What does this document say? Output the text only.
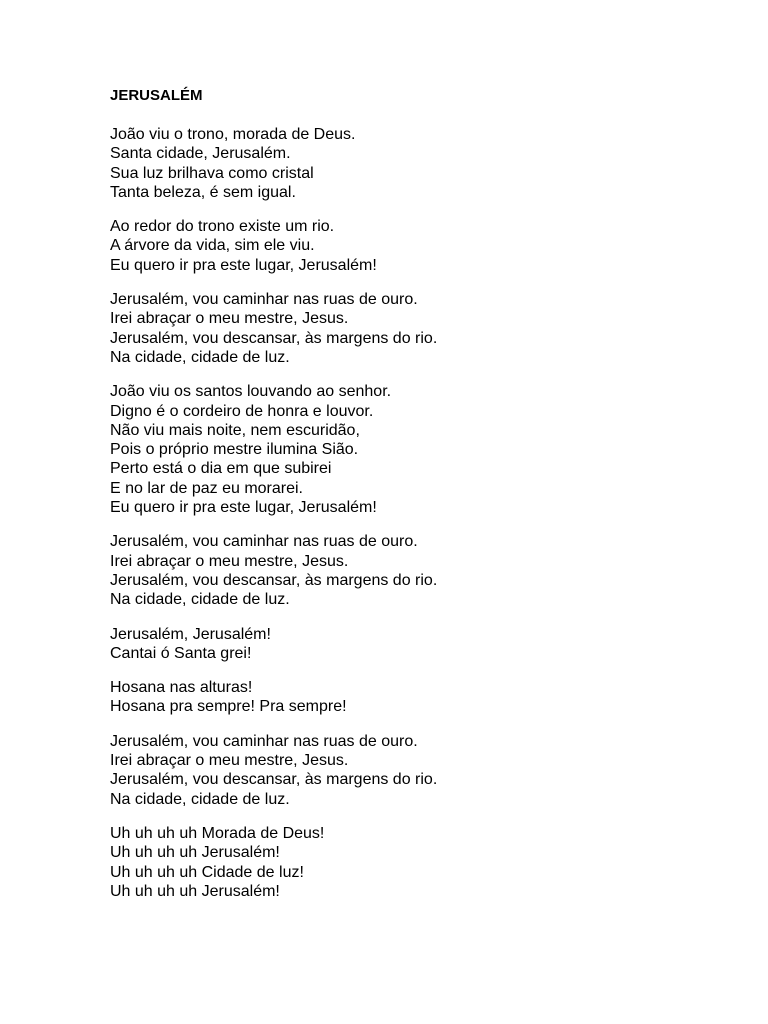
JERUSALÉM
João viu o trono, morada de Deus.
Santa cidade, Jerusalém.
Sua luz brilhava como cristal
Tanta beleza, é sem igual.
Ao redor do trono existe um rio.
A árvore da vida, sim ele viu.
Eu quero ir pra este lugar, Jerusalém!
Jerusalém, vou caminhar nas ruas de ouro.
Irei abraçar o meu mestre, Jesus.
Jerusalém, vou descansar, às margens do rio.
Na cidade, cidade de luz.
João viu os santos louvando ao senhor.
Digno é o cordeiro de honra e louvor.
Não viu mais noite, nem escuridão,
Pois o próprio mestre ilumina Sião.
Perto está o dia em que subirei
E no lar de paz eu morarei.
Eu quero ir pra este lugar, Jerusalém!
Jerusalém, vou caminhar nas ruas de ouro.
Irei abraçar o meu mestre, Jesus.
Jerusalém, vou descansar, às margens do rio.
Na cidade, cidade de luz.
Jerusalém, Jerusalém!
Cantai ó Santa grei!
Hosana nas alturas!
Hosana pra sempre! Pra sempre!
Jerusalém, vou caminhar nas ruas de ouro.
Irei abraçar o meu mestre, Jesus.
Jerusalém, vou descansar, às margens do rio.
Na cidade, cidade de luz.
Uh uh uh uh Morada de Deus!
Uh uh uh uh Jerusalém!
Uh uh uh uh Cidade de luz!
Uh uh uh uh Jerusalém!
